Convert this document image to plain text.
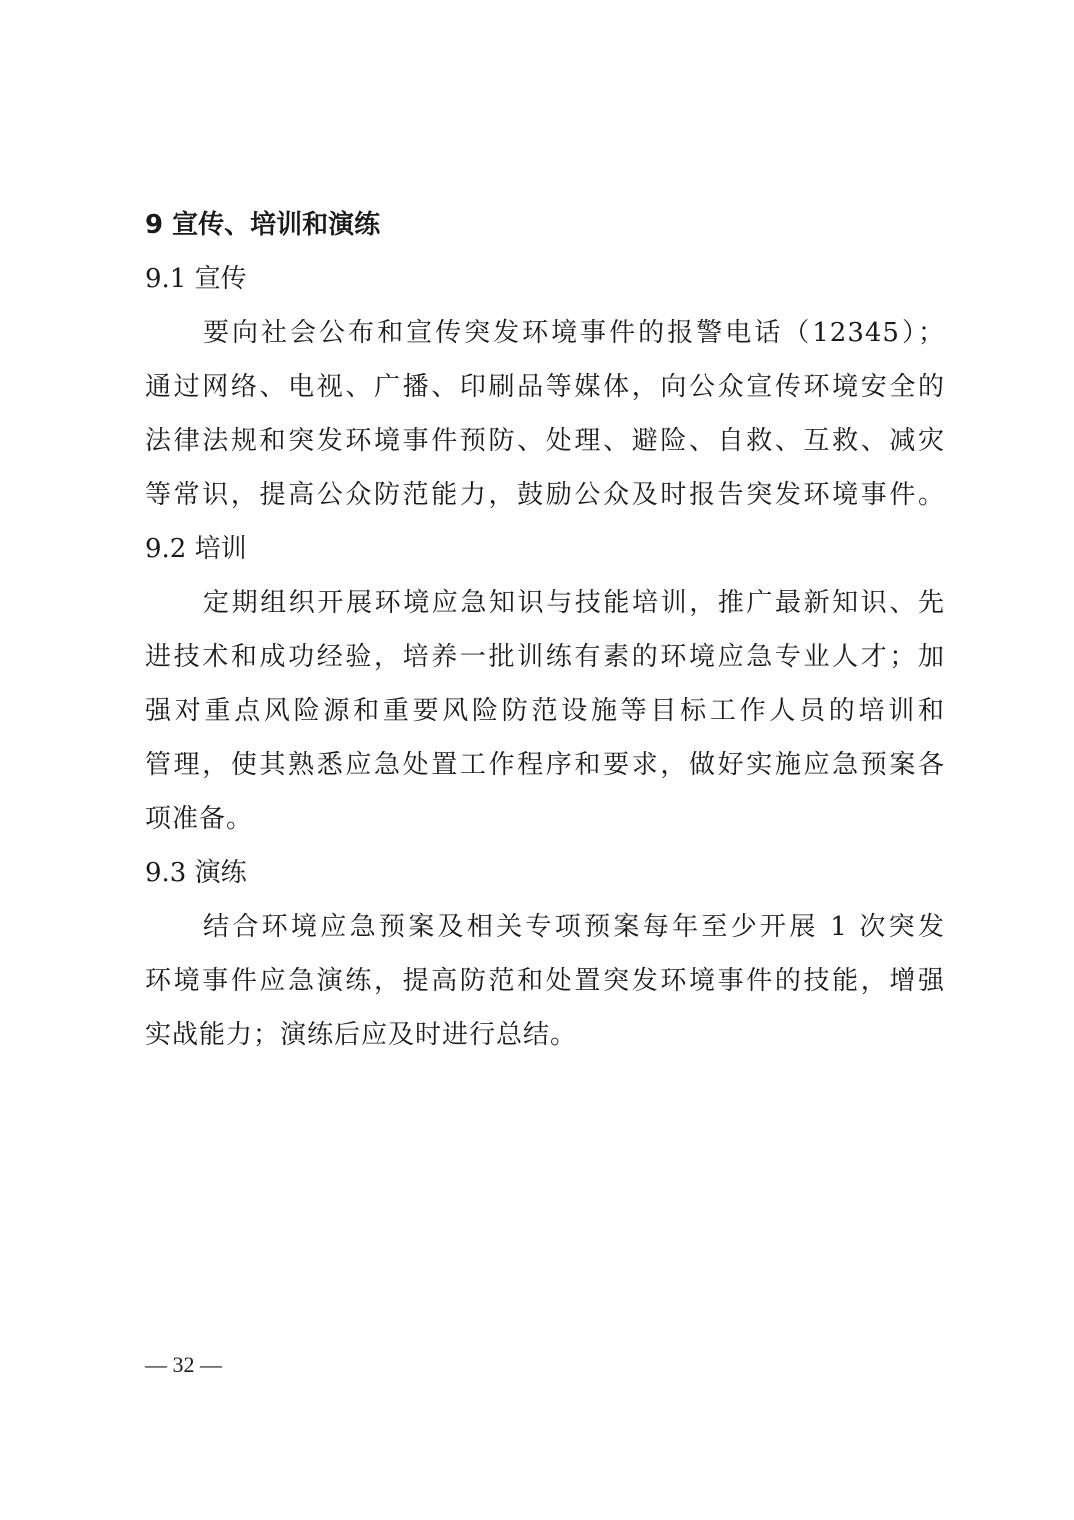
9 宣传、培训和演练
9.1 宣传
要向社会公布和宣传突发环境事件的报警电话（12345）；
通过网络、电视、广播、印刷品等媒体，向公众宣传环境安全的
法律法规和突发环境事件预防、处理、避险、自救、互救、减灾
等常识，提高公众防范能力，鼓励公众及时报告突发环境事件。
9.2 培训
定期组织开展环境应急知识与技能培训，推广最新知识、先
进技术和成功经验，培养一批训练有素的环境应急专业人才；加
强对重点风险源和重要风险防范设施等目标工作人员的培训和
管理，使其熟悉应急处置工作程序和要求，做好实施应急预案各
项准备。
9.3 演练
结合环境应急预案及相关专项预案每年至少开展 1 次突发
环境事件应急演练，提高防范和处置突发环境事件的技能，增强
实战能力；演练后应及时进行总结。
— 32 —
